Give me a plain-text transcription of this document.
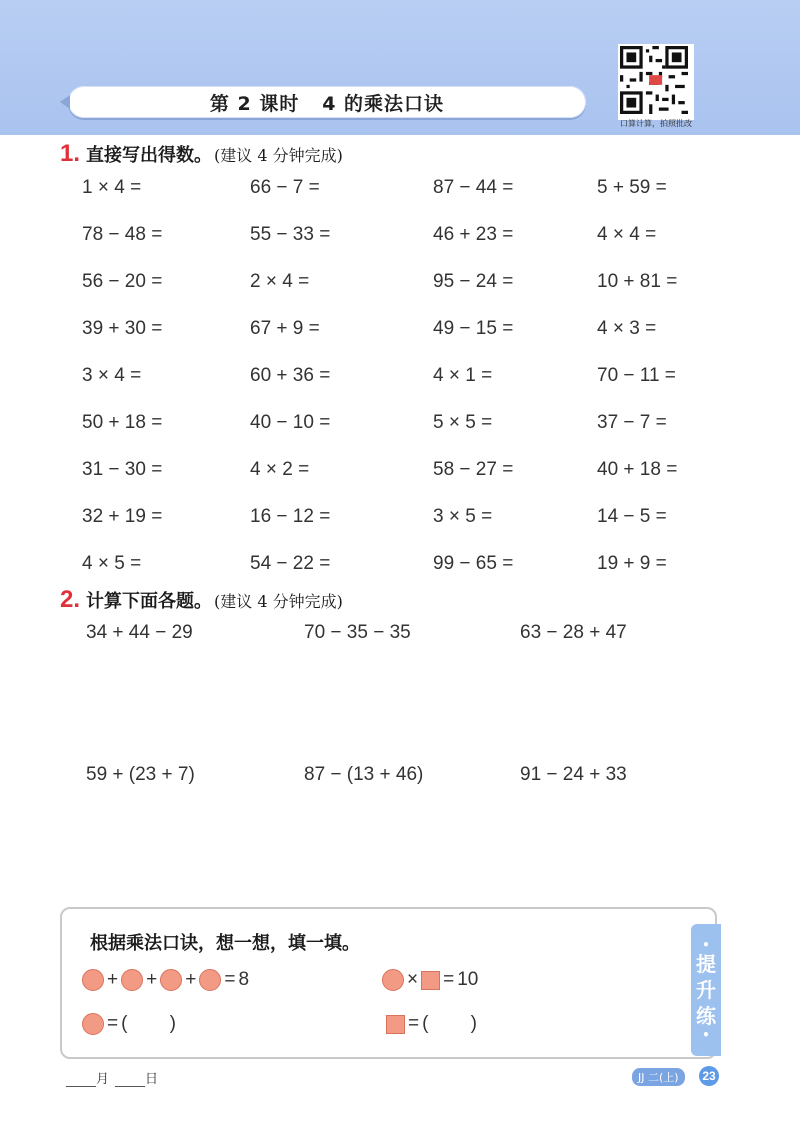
第 2 课时   4 的乘法口诀
口算计算，拍照批改
1. 直接写出得数。 (建议 4 分钟完成)
1 × 4 =	66 − 7 =	87 − 44 =	5 + 59 =
78 − 48 =	55 − 33 =	46 + 23 =	4 × 4 =
56 − 20 =	2 × 4 =	95 − 24 =	10 + 81 =
39 + 30 =	67 + 9 =	49 − 15 =	4 × 3 =
3 × 4 =	60 + 36 =	4 × 1 =	70 − 11 =
50 + 18 =	40 − 10 =	5 × 5 =	37 − 7 =
31 − 30 =	4 × 2 =	58 − 27 =	40 + 18 =
32 + 19 =	16 − 12 =	3 × 5 =	14 − 5 =
4 × 5 =	54 − 22 =	99 − 65 =	19 + 9 =
2. 计算下面各题。 (建议 4 分钟完成)
34 + 44 − 29	70 − 35 − 35	63 − 28 + 47
59 + (23 + 7)	87 − (13 + 46)	91 − 24 + 33
根据乘法口诀，想一想，填一填。
+ + + = 8	× = 10
= (        )	= (        )
•
提
升
练
•
月	日	JJ 二(上)	23
